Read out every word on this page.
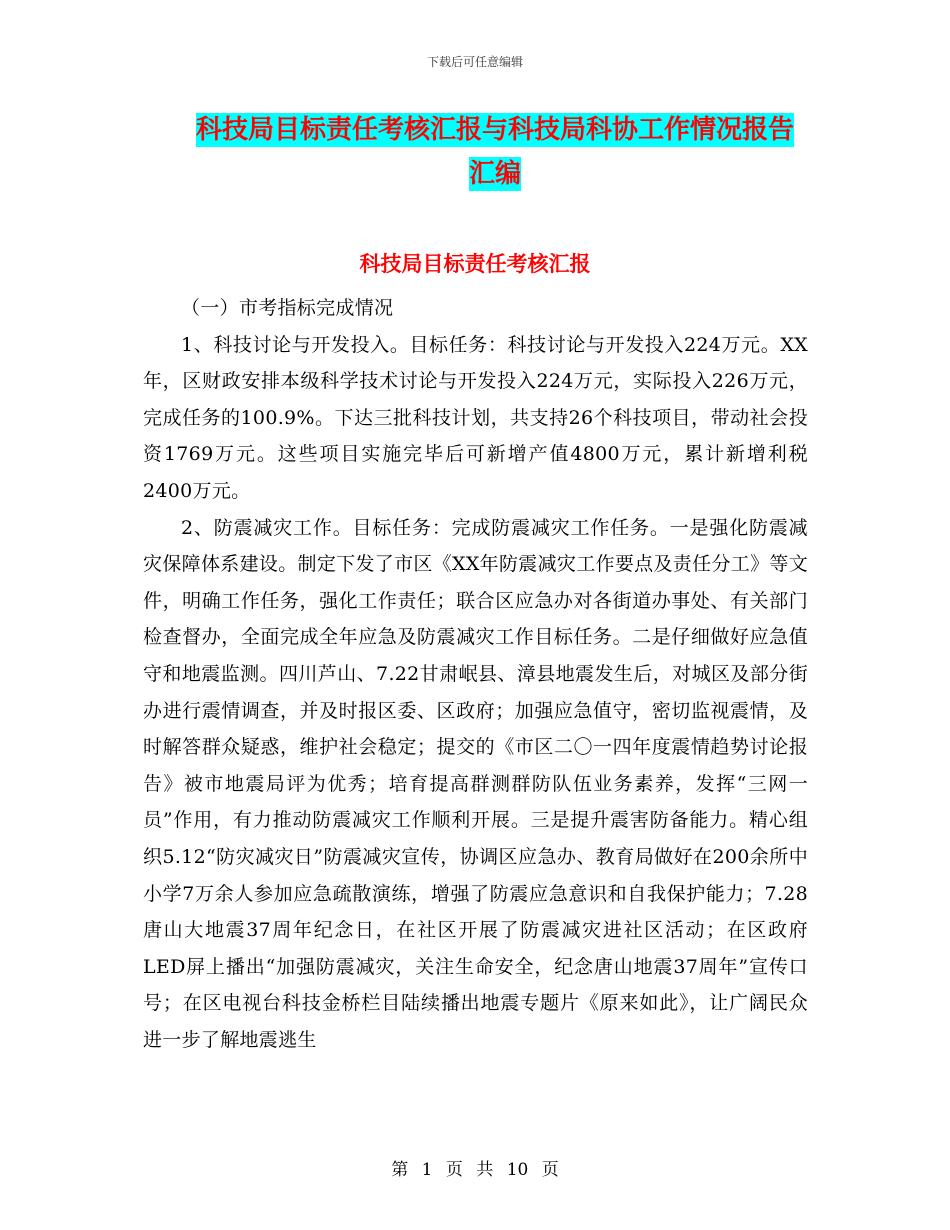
下载后可任意编辑
科技局目标责任考核汇报与科技局科协工作情况报告
汇编
科技局目标责任考核汇报

（一）市考指标完成情况

1、科技讨论与开发投入。目标任务：科技讨论与开发投入224万元。XX年，区财政安排本级科学技术讨论与开发投入224万元，实际投入226万元，完成任务的100.9%。下达三批科技计划，共支持26个科技项目，带动社会投资1769万元。这些项目实施完毕后可新增产值4800万元，累计新增利税2400万元。

2、防震减灾工作。目标任务：完成防震减灾工作任务。一是强化防震减灾保障体系建设。制定下发了市区《XX年防震减灾工作要点及责任分工》等文件，明确工作任务，强化工作责任；联合区应急办对各街道办事处、有关部门检查督办，全面完成全年应急及防震减灾工作目标任务。二是仔细做好应急值守和地震监测。四川芦山、7.22甘肃岷县、漳县地震发生后，对城区及部分街办进行震情调查，并及时报区委、区政府；加强应急值守，密切监视震情，及时解答群众疑惑，维护社会稳定；提交的《市区二〇一四年度震情趋势讨论报告》被市地震局评为优秀；培育提高群测群防队伍业务素养，发挥“三网一员”作用，有力推动防震减灾工作顺利开展。三是提升震害防备能力。精心组织5.12“防灾减灾日”防震减灾宣传，协调区应急办、教育局做好在200余所中小学7万余人参加应急疏散演练，增强了防震应急意识和自我保护能力；7.28唐山大地震37周年纪念日，在社区开展了防震减灾进社区活动；在区政府LED屏上播出“加强防震减灾，关注生命安全，纪念唐山地震37周年”宣传口号；在区电视台科技金桥栏目陆续播出地震专题片《原来如此》，让广阔民众进一步了解地震逃生

第 1 页 共 10 页
